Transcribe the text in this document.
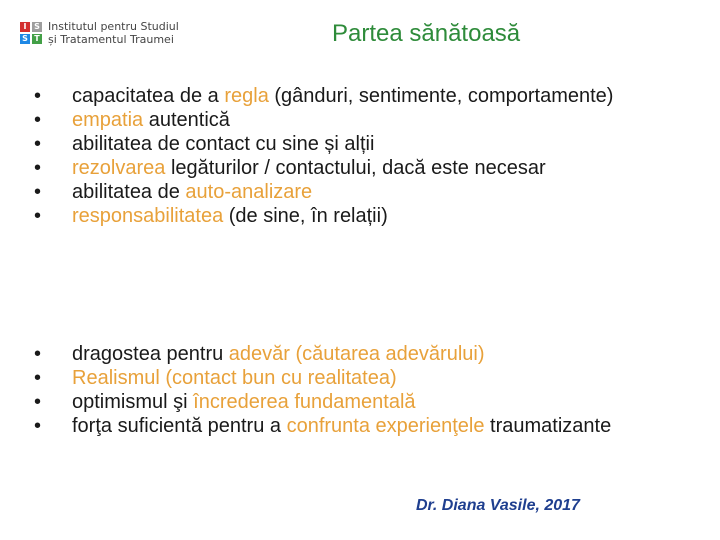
I S
S T
Institutul pentru Studiul
și Tratamentul Traumei	Partea sănătoasă
•	capacitatea de a regla (gânduri, sentimente, comportamente)
•	empatia autentică
•	abilitatea de contact cu sine și alții
•	rezolvarea legăturilor / contactului, dacă este necesar
•	abilitatea de auto-analizare
•	responsabilitatea (de sine, în relații)
•	dragostea pentru adevăr (căutarea adevărului)
•	Realismul (contact bun cu realitatea)
•	optimismul şi încrederea fundamentală
•	forţa suficientă pentru a confrunta experienţele traumatizante
Dr. Diana Vasile, 2017
